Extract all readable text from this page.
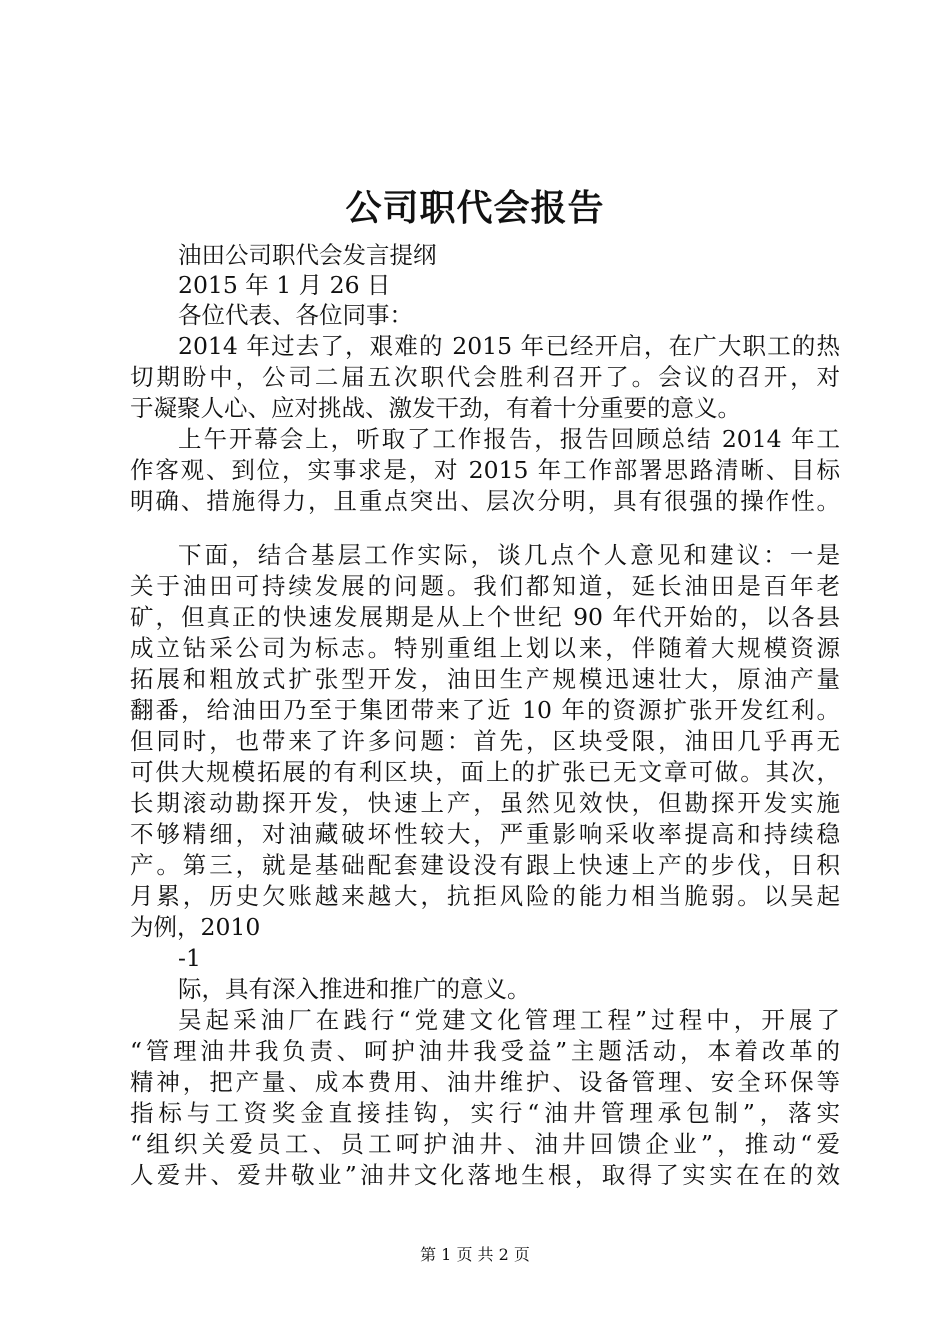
公司职代会报告
油田公司职代会发言提纲
2015 年 1 月 26 日
各位代表、各位同事：
2014 年过去了，艰难的 2015 年已经开启，在广大职工的热
切期盼中，公司二届五次职代会胜利召开了。会议的召开，对
于凝聚人心、应对挑战、激发干劲，有着十分重要的意义。
上午开幕会上，听取了工作报告，报告回顾总结 2014 年工
作客观、到位，实事求是，对 2015 年工作部署思路清晰、目标
明确、措施得力，且重点突出、层次分明，具有很强的操作性。
下面，结合基层工作实际，谈几点个人意见和建议：一是
关于油田可持续发展的问题。我们都知道，延长油田是百年老
矿，但真正的快速发展期是从上个世纪 90 年代开始的，以各县
成立钻采公司为标志。特别重组上划以来，伴随着大规模资源
拓展和粗放式扩张型开发，油田生产规模迅速壮大，原油产量
翻番，给油田乃至于集团带来了近 10 年的资源扩张开发红利。
但同时，也带来了许多问题：首先，区块受限，油田几乎再无
可供大规模拓展的有利区块，面上的扩张已无文章可做。其次，
长期滚动勘探开发，快速上产，虽然见效快，但勘探开发实施
不够精细，对油藏破坏性较大，严重影响采收率提高和持续稳
产。第三，就是基础配套建设没有跟上快速上产的步伐，日积
月累，历史欠账越来越大，抗拒风险的能力相当脆弱。以吴起
为例，2010
-1
际，具有深入推进和推广的意义。
吴起采油厂在践行“党建文化管理工程”过程中，开展了
“管理油井我负责、呵护油井我受益”主题活动，本着改革的
精神，把产量、成本费用、油井维护、设备管理、安全环保等
指标与工资奖金直接挂钩，实行“油井管理承包制”，落实
“组织关爱员工、员工呵护油井、油井回馈企业”，推动“爱
人爱井、爱井敬业”油井文化落地生根，取得了实实在在的效
第 1 页 共 2 页
